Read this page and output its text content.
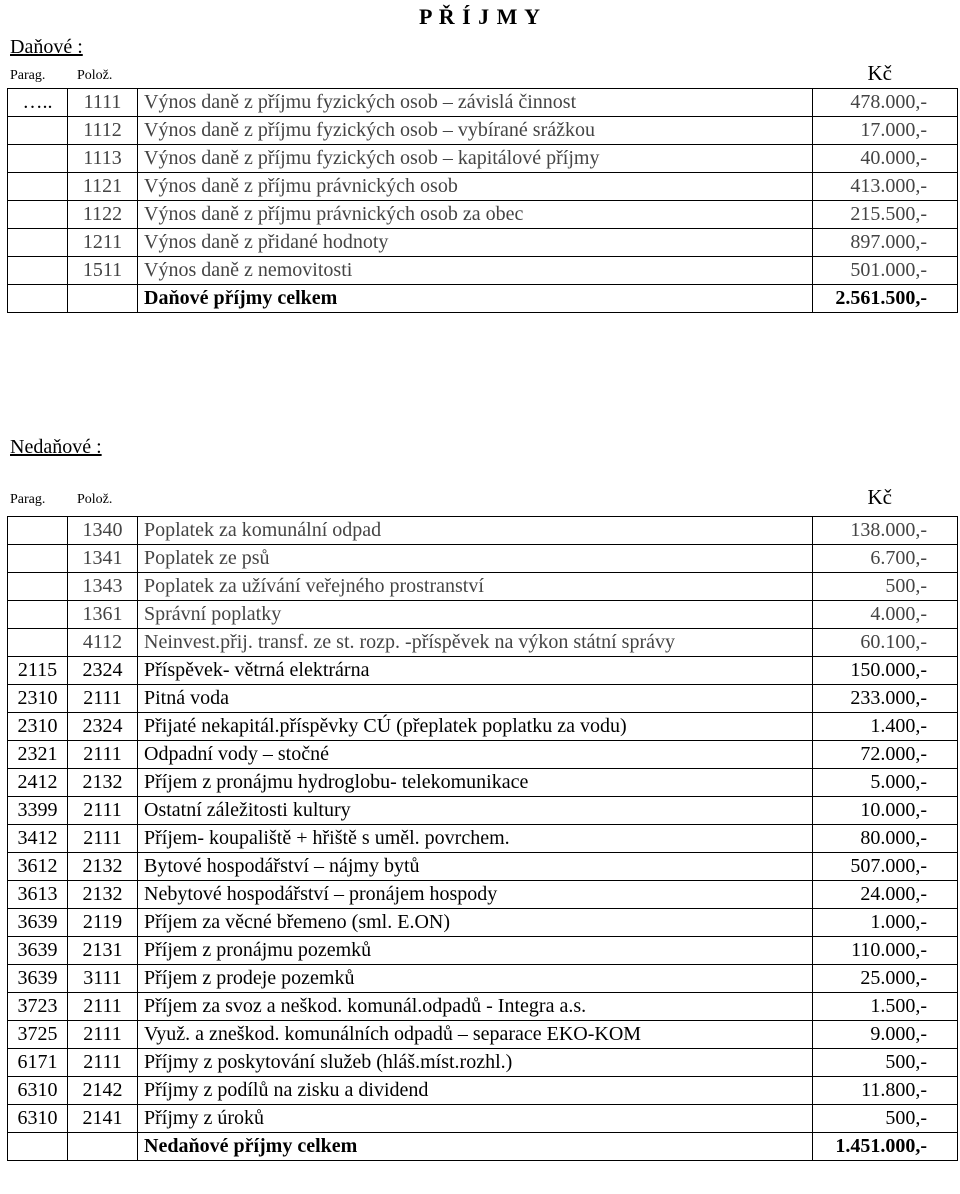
P Ř Í J M Y
Daňové :
Parag. Polož.	Kč
…..	1111	Výnos daně z příjmu fyzických osob – závislá činnost	478.000,-
	1112	Výnos daně z příjmu fyzických osob – vybírané srážkou	17.000,-
	1113	Výnos daně z příjmu fyzických osob – kapitálové příjmy	40.000,-
	1121	Výnos daně z příjmu právnických osob	413.000,-
	1122	Výnos daně z příjmu právnických osob za obec	215.500,-
	1211	Výnos daně z přidané hodnoty	897.000,-
	1511	Výnos daně z nemovitosti	501.000,-
		Daňové příjmy celkem	2.561.500,-
Nedaňové :
Parag. Polož.	Kč
	1340	Poplatek za komunální odpad	138.000,-
	1341	Poplatek ze psů	6.700,-
	1343	Poplatek za užívání veřejného prostranství	500,-
	1361	Správní poplatky	4.000,-
	4112	Neinvest.přij. transf. ze st. rozp. -příspěvek na výkon státní správy	60.100,-
2115	2324	Příspěvek- větrná elektrárna	150.000,-
2310	2111	Pitná voda	233.000,-
2310	2324	Přijaté nekapitál.příspěvky CÚ (přeplatek poplatku za vodu)	1.400,-
2321	2111	Odpadní vody – stočné	72.000,-
2412	2132	Příjem z pronájmu hydroglobu- telekomunikace	5.000,-
3399	2111	Ostatní záležitosti kultury	10.000,-
3412	2111	Příjem- koupaliště + hřiště s uměl. povrchem.	80.000,-
3612	2132	Bytové hospodářství – nájmy bytů	507.000,-
3613	2132	Nebytové hospodářství – pronájem hospody	24.000,-
3639	2119	Příjem za věcné břemeno (sml. E.ON)	1.000,-
3639	2131	Příjem z pronájmu pozemků	110.000,-
3639	3111	Příjem z prodeje pozemků	25.000,-
3723	2111	Příjem za svoz a neškod. komunál.odpadů - Integra a.s.	1.500,-
3725	2111	Využ. a zneškod. komunálních odpadů – separace EKO-KOM	9.000,-
6171	2111	Příjmy z poskytování služeb (hláš.míst.rozhl.)	500,-
6310	2142	Příjmy z podílů na zisku a dividend	11.800,-
6310	2141	Příjmy z úroků	500,-
		Nedaňové příjmy celkem	1.451.000,-
